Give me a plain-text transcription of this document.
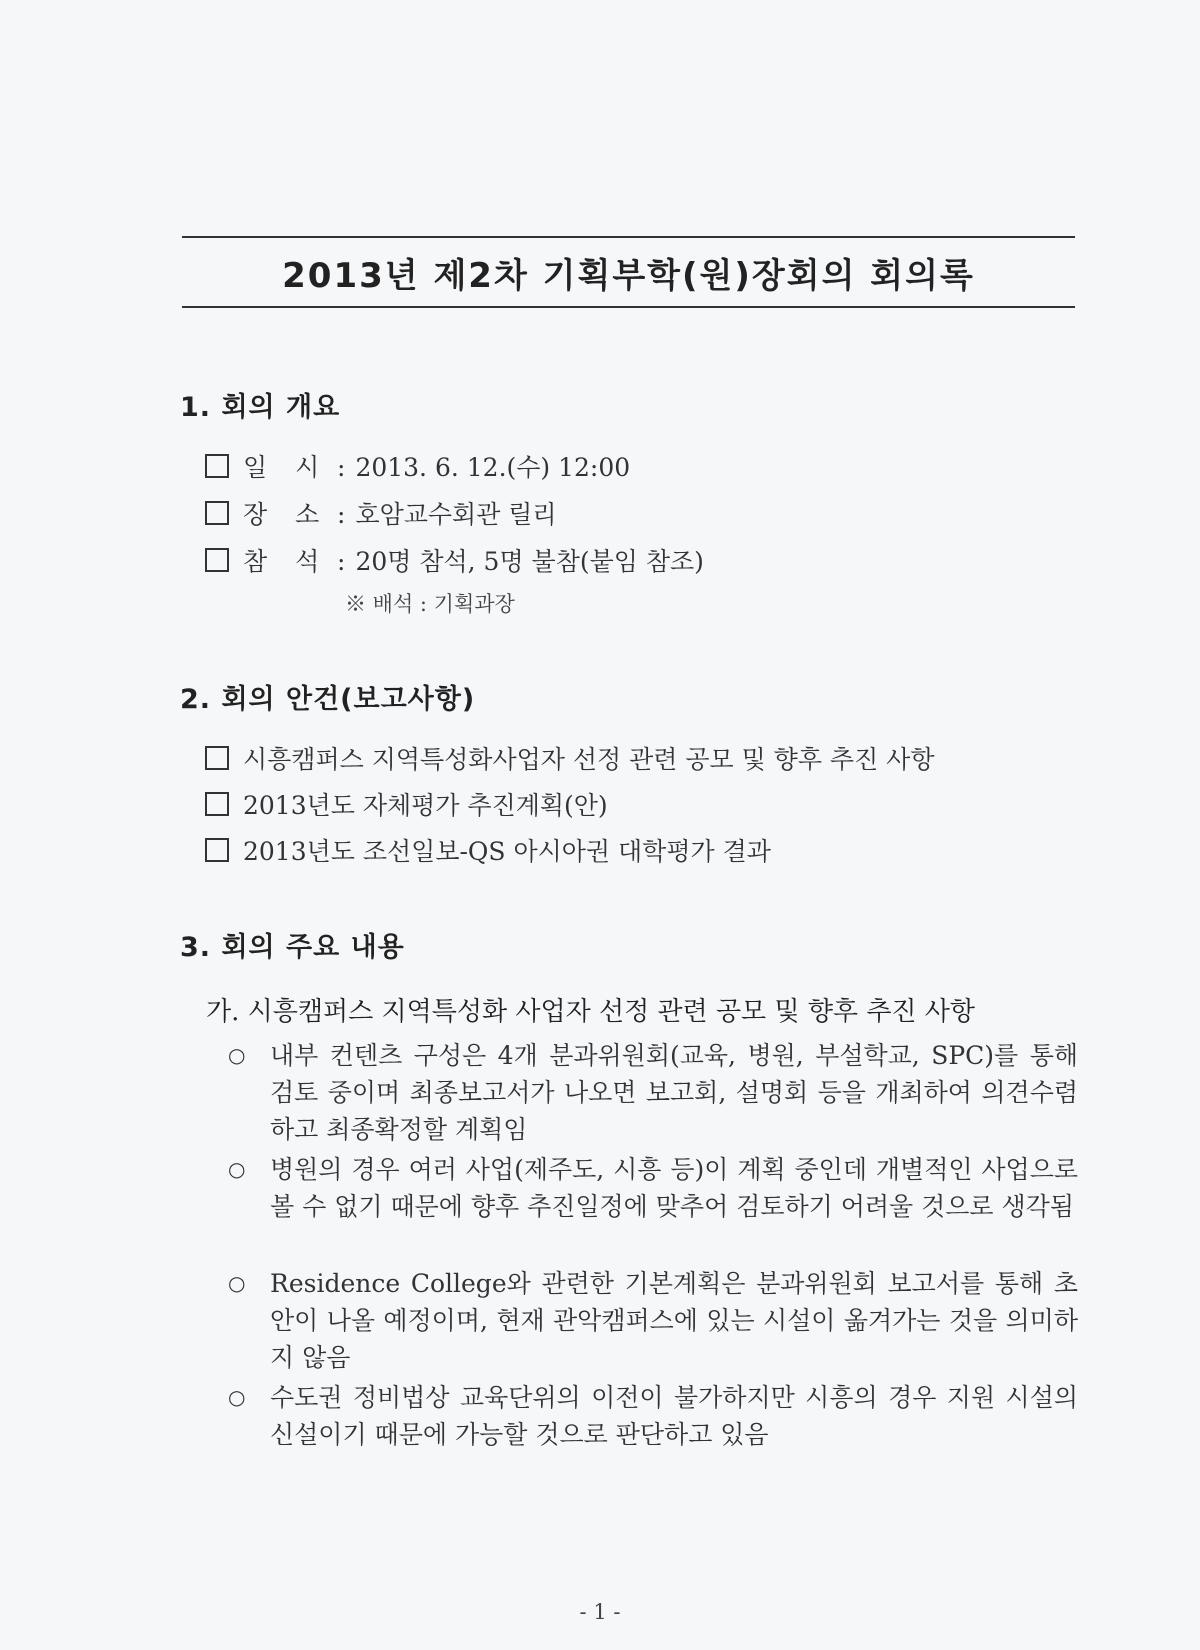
2013년 제2차 기획부학(원)장회의 회의록
1. 회의 개요
일 시 : 2013. 6. 12.(수) 12:00
장 소 : 호암교수회관 릴리
참 석 : 20명 참석, 5명 불참(붙임 참조)
※ 배석 : 기획과장
2. 회의 안건(보고사항)
시흥캠퍼스 지역특성화사업자 선정 관련 공모 및 향후 추진 사항
2013년도 자체평가 추진계획(안)
2013년도 조선일보-QS 아시아권 대학평가 결과
3. 회의 주요 내용
가. 시흥캠퍼스 지역특성화 사업자 선정 관련 공모 및 향후 추진 사항
○ 내부 컨텐츠 구성은 4개 분과위원회(교육, 병원, 부설학교, SPC)를 통해 검토 중이며 최종보고서가 나오면 보고회, 설명회 등을 개최하여 의견수렴하고 최종확정할 계획임
○ 병원의 경우 여러 사업(제주도, 시흥 등)이 계획 중인데 개별적인 사업으로 볼 수 없기 때문에 향후 추진일정에 맞추어 검토하기 어려울 것으로 생각됨
○ Residence College와 관련한 기본계획은 분과위원회 보고서를 통해 초안이 나올 예정이며, 현재 관악캠퍼스에 있는 시설이 옮겨가는 것을 의미하지 않음
○ 수도권 정비법상 교육단위의 이전이 불가하지만 시흥의 경우 지원 시설의 신설이기 때문에 가능할 것으로 판단하고 있음
- 1 -
